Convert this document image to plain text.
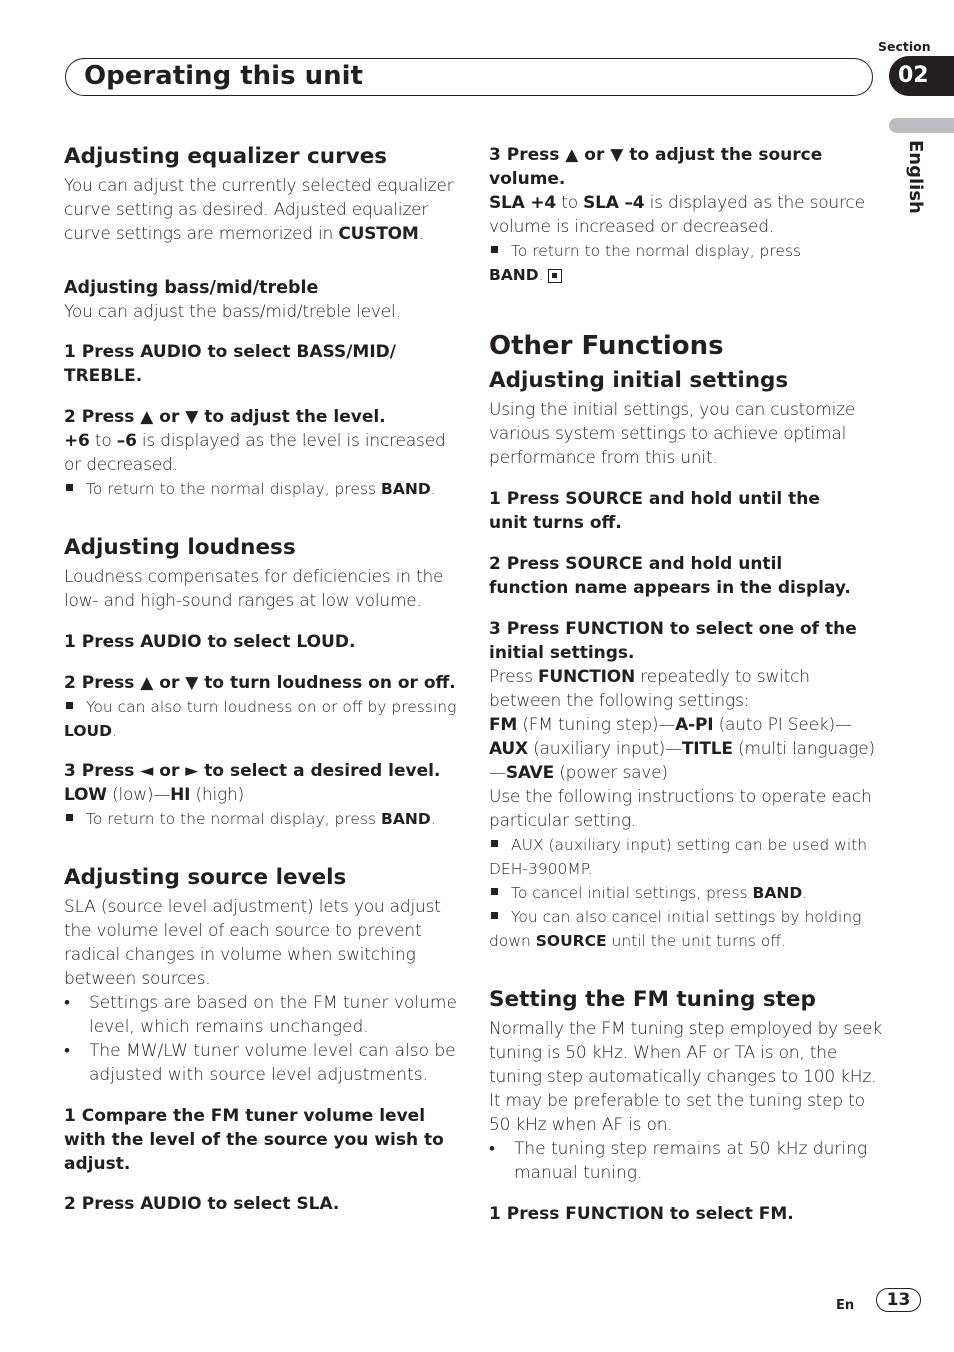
Operating this unit
Section
02
English

Adjusting equalizer curves

You can adjust the currently selected equalizer curve setting as desired. Adjusted equalizer curve settings are memorized in CUSTOM.

Adjusting bass/mid/treble

You can adjust the bass/mid/treble level.

1 Press AUDIO to select BASS/MID/ TREBLE.

2 Press ▲ or ▼ to adjust the level.

+6 to –6 is displayed as the level is increased or decreased.

To return to the normal display, press BAND.

Adjusting loudness

Loudness compensates for deficiencies in the low- and high-sound ranges at low volume.

1 Press AUDIO to select LOUD.

2 Press ▲ or ▼ to turn loudness on or off.

You can also turn loudness on or off by pressing LOUD.

3 Press ◄ or ► to select a desired level.

LOW (low)—HI (high)

To return to the normal display, press BAND.

Adjusting source levels

SLA (source level adjustment) lets you adjust the volume level of each source to prevent radical changes in volume when switching between sources.

• Settings are based on the FM tuner volume level, which remains unchanged.

• The MW/LW tuner volume level can also be adjusted with source level adjustments.

1 Compare the FM tuner volume level with the level of the source you wish to adjust.

2 Press AUDIO to select SLA.

3 Press ▲ or ▼ to adjust the source volume.

SLA +4 to SLA –4 is displayed as the source volume is increased or decreased.

To return to the normal display, press
BAND.

Other Functions

Adjusting initial settings

Using the initial settings, you can customize various system settings to achieve optimal performance from this unit.

1 Press SOURCE and hold until the unit turns off.

2 Press SOURCE and hold until function name appears in the display.

3 Press FUNCTION to select one of the initial settings.

Press FUNCTION repeatedly to switch between the following settings:

FM (FM tuning step)—A-PI (auto PI Seek)— AUX (auxiliary input)—TITLE (multi language) —SAVE (power save)

Use the following instructions to operate each particular setting.

AUX (auxiliary input) setting can be used with DEH-3900MP.

To cancel initial settings, press BAND.

You can also cancel initial settings by holding down SOURCE until the unit turns off.

Setting the FM tuning step

Normally the FM tuning step employed by seek tuning is 50 kHz. When AF or TA is on, the tuning step automatically changes to 100 kHz. It may be preferable to set the tuning step to 50 kHz when AF is on.

• The tuning step remains at 50 kHz during manual tuning.

1 Press FUNCTION to select FM.

En	13
